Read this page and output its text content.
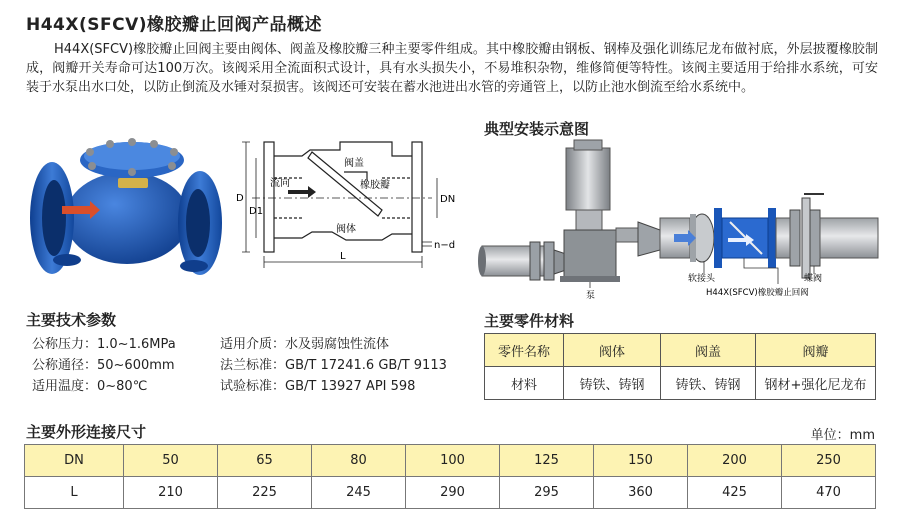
H44X(SFCV)橡胶瓣止回阀产品概述
H44X(SFCV)橡胶瓣止回阀主要由阀体、阀盖及橡胶瓣三种主要零件组成。其中橡胶瓣由钢板、钢棒及强化训练尼龙布做衬底，外层披覆橡胶制成，阀瓣开关寿命可达100万次。该阀采用全流面积式设计，具有水头损失小，不易堆积杂物，维修简便等特性。该阀主要适用于给排水系统，可安装于水泵出水口处，以防止倒流及水锤对泵损害。该阀还可安装在蓄水池进出水管的旁通管上，以防止池水倒流至给水系统中。
阀盖
流向	橡胶瓣
阀体
D
D1
DN
L
n−d
典型安装示意图
泵
软接头	蝶阀
H44X(SFCV)橡胶瓣止回阀
主要技术参数
公称压力：1.0~1.6MPa
公称通径：50~600mm
适用温度：0~80℃
适用介质：水及弱腐蚀性流体
法兰标准：GB/T 17241.6 GB/T 9113
试验标准：GB/T 13927 API 598
主要零件材料
零件名称	阀体	阀盖	阀瓣
材料	铸铁、铸钢	铸铁、铸钢	钢材+强化尼龙布
主要外形连接尺寸	单位：mm
DN	50	65	80	100	125	150	200	250
L	210	225	245	290	295	360	425	470
